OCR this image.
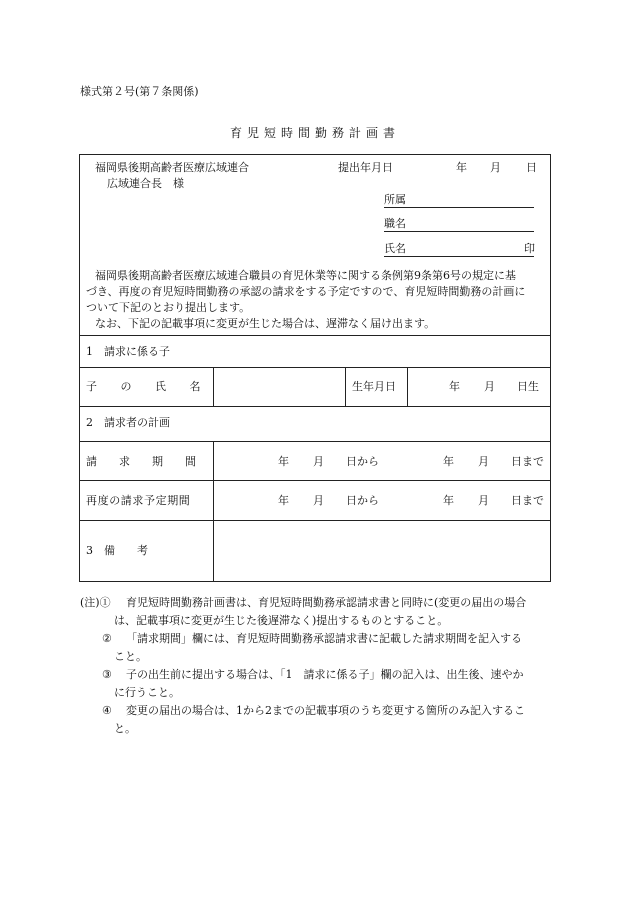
様式第２号(第７条関係)
育児短時間勤務計画書
福岡県後期高齢者医療広域連合
広域連合長　様
提出年月日	年 月 日
所属
職名
氏名	印
福岡県後期高齢者医療広域連合職員の育児休業等に関する条例第9条第6号の規定に基
づき、再度の育児短時間勤務の承認の請求をする予定ですので、育児短時間勤務の計画に
ついて下記のとおり提出します。
なお、下記の記載事項に変更が生じた場合は、遅滞なく届け出ます。
1　請求に係る子
子　　の　　氏　　名	生年月日	年 月 日生
2　請求者の計画
請　　求　　期　　間	年 月 日から	年 月 日まで
再度の請求予定期間	年 月 日から	年 月 日まで
3　備　　考
(注)①	育児短時間勤務計画書は、育児短時間勤務承認請求書と同時に(変更の届出の場合
は、記載事項に変更が生じた後遅滞なく)提出するものとすること。
②	「請求期間」欄には、育児短時間勤務承認請求書に記載した請求期間を記入する
こと。
③	子の出生前に提出する場合は、「1　請求に係る子」欄の記入は、出生後、速やか
に行うこと。
④	変更の届出の場合は、1から2までの記載事項のうち変更する箇所のみ記入するこ
と。
